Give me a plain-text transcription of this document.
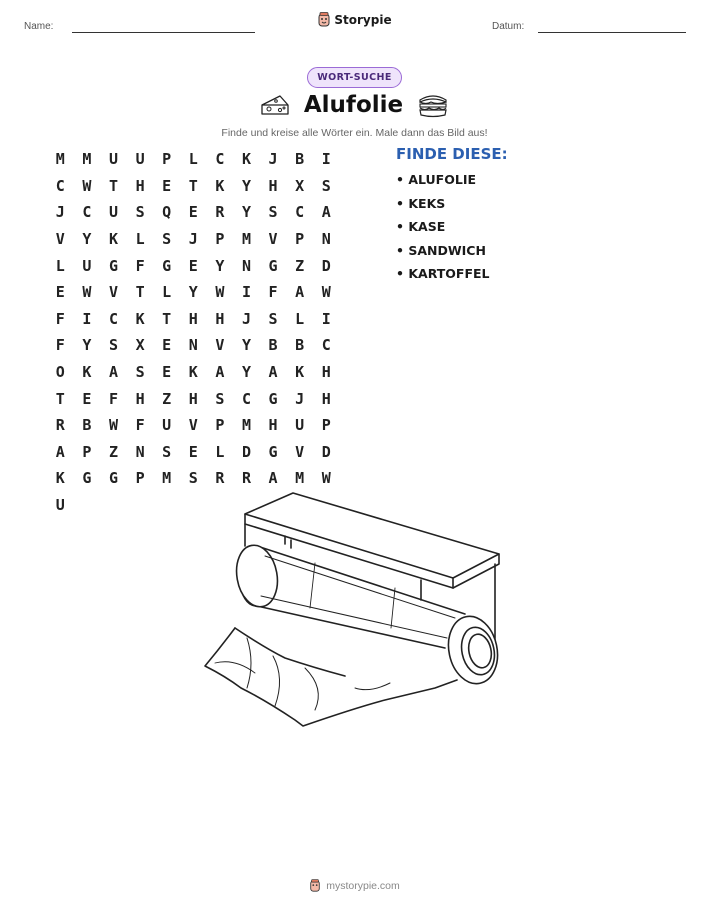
Name:	Storypie	Datum:
WORT-SUCHE
Alufolie
Finde und kreise alle Wörter ein. Male dann das Bild aus!
M	M	U	U	P	L	C	K	J	B	I
C	W	T	H	E	T	K	Y	H	X	S
J	C	U	S	Q	E	R	Y	S	C	A
V	Y	K	L	S	J	P	M	V	P	N
L	U	G	F	G	E	Y	N	G	Z	D
E	W	V	T	L	Y	W	I	F	A	W
F	I	C	K	T	H	H	J	S	L	I
F	Y	S	X	E	N	V	Y	B	B	C
O	K	A	S	E	K	A	Y	A	K	H
T	E	F	H	Z	H	S	C	G	J	H
R	B	W	F	U	V	P	M	H	U	P
A	P	Z	N	S	E	L	D	G	V	D
K	G	G	P	M	S	R	R	A	M	W
U
FINDE DIESE:
• ALUFOLIE
• KEKS
• KASE
• SANDWICH
• KARTOFFEL
mystorypie.com
